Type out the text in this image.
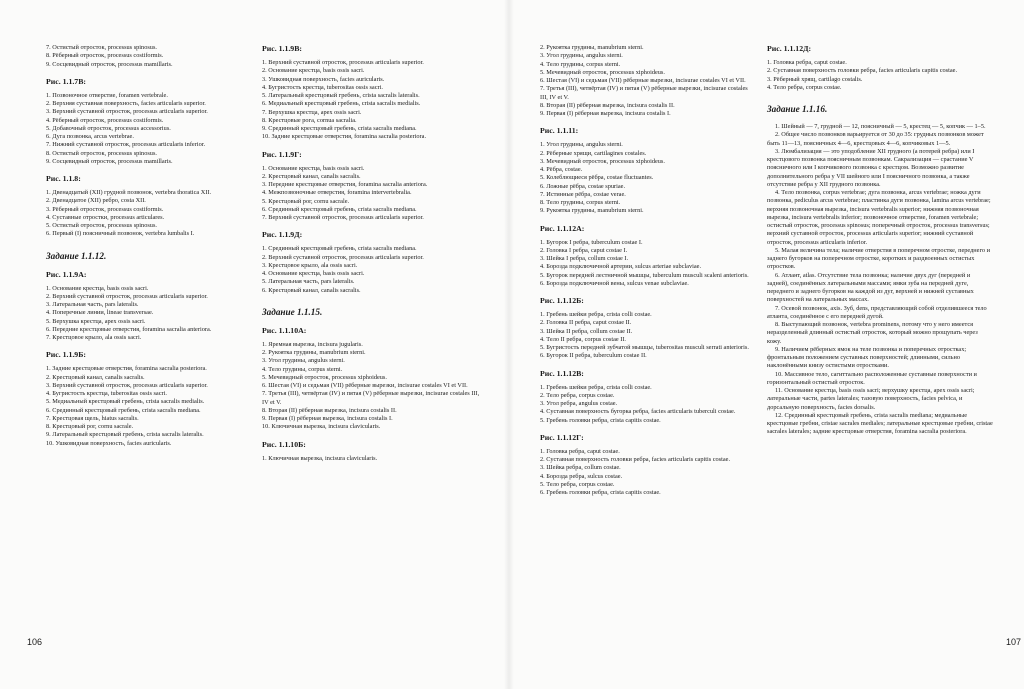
7. Остистый отросток, processus spinosus.

8. Рёберный отросток, processus costiformis.

9. Сосцевидный отросток, processus mamillaris.

Рис. 1.1.7В:

1. Позвоночное отверстие, foramen vertebrale.

2. Верхняя суставная поверхность, facies articularis superior.

3. Верхний суставной отросток, processus articularis superior.

4. Рёберный отросток, processus costiformis.

5. Добавочный отросток, processus accessorius.

6. Дуга позвонка, arcus vertebrae.

7. Нижний суставной отросток, processus articularis inferior.

8. Остистый отросток, processus spinosus.

9. Сосцевидный отросток, processus mamillaris.

Рис. 1.1.8:

1. Двенадцатый (XII) грудной позвонок, vertebra thoratica XII.

2. Двенадцатое (XII) ребро, costa XII.

3. Рёберный отросток, processus costiformis.

4. Суставные отростки, processus articulares.

5. Остистый отросток, processus spinosus.

6. Первый (I) поясничный позвонок, vertebra lumbalis I.

Задание 1.1.12.
Рис. 1.1.9А:

1. Основание крестца, basis ossis sacri.

2. Верхний суставной отросток, processus articularis superior.

3. Латеральная часть, pars lateralis.

4. Поперечные линии, lineae transversae.

5. Верхушка крестца, apex ossis sacri.

6. Передние крестцовые отверстия, foramina sacralia anteriora.

7. Крестцовое крыло, ala ossis sacri.

Рис. 1.1.9Б:

1. Задние крестцовые отверстия, foramina sacralia posteriora.

2. Крестцовый канал, canalis sacralis.

3. Верхний суставной отросток, processus articularis superior.

4. Бугристость крестца, tuberositas ossis sacri.

5. Медиальный крестцовый гребень, crista sacralis medialis.

6. Срединный крестцовый гребень, crista sacralis mediana.

7. Крестцовая щель, hiatus sacralis.

8. Крестцовый рог, cornu sacrale.

9. Латеральный крестцовый гребень, crista sacralis lateralis.

10. Ушковидная поверхность, facies auricularis.

Рис. 1.1.9В:

1. Верхний суставной отросток, processus articularis superior.

2. Основание крестца, basis ossis sacri.

3. Ушковидная поверхность, facies auricularis.

4. Бугристость крестца, tuberositas ossis sacri.

5. Латеральный крестцовый гребень, crista sacralis lateralis.

6. Медиальный крестцовый гребень, crista sacralis medialis.

7. Верхушка крестца, apex ossis sacri.

8. Крестцовые рога, cornua sacralia.

9. Срединный крестцовый гребень, crista sacralis mediana.

10. Задние крестцовые отверстия, foramina sacralia posteriora.

Рис. 1.1.9Г:

1. Основание крестца, basis ossis sacri.

2. Крестцовый канал, canalis sacralis.

3. Передние крестцовые отверстия, foramina sacralia anteriora.

4. Межпозвоночные отверстия, foramina intervertebralia.

5. Крестцовый рог, cornu sacrale.

6. Срединный крестцовый гребень, crista sacralis mediana.

7. Верхний суставной отросток, processus articularis superior.

Рис. 1.1.9Д:

1. Срединный крестцовый гребень, crista sacralis mediana.

2. Верхний суставной отросток, processus articularis superior.

3. Крестцовое крыло, ala ossis sacri.

4. Основание крестца, basis ossis sacri.

5. Латеральная часть, pars lateralis.

6. Крестцовый канал, canalis sacralis.

Задание 1.1.15.
Рис. 1.1.10А:

1. Яремная вырезка, incisura jugularis.

2. Рукоятка грудины, manubrium sterni.

3. Угол грудины, angulus sterni.

4. Тело грудины, corpus sterni.

5. Мечевидный отросток, processus xiphoideus.

6. Шестая (VI) и седьмая (VII) рёберные вырезки, incisurae costales VI et VII.

7. Третья (III), четвёртая (IV) и пятая (V) рёберные вырезки, incisurae costales III, IV et V.

8. Вторая (II) рёберная вырезка, incisura costalis II.

9. Первая (I) рёберная вырезка, incisura costalis I.

10. Ключичная вырезка, incisura clavicularis.

Рис. 1.1.10Б:

1. Ключичная вырезка, incisura clavicularis.

106

2. Рукоятка грудины, manubrium sterni.

3. Угол грудины, angulus sterni.

4. Тело грудины, corpus sterni.

5. Мечевидный отросток, processus xiphoideus.

6. Шестая (VI) и седьмая (VII) рёберные вырезки, incisurae costales VI et VII.

7. Третья (III), четвёртая (IV) и пятая (V) рёберные вырезки, incisurae costales III, IV et V.

8. Вторая (II) рёберная вырезка, incisura costalis II.

9. Первая (I) рёберная вырезка, incisura costalis I.

Рис. 1.1.11:

1. Угол грудины, angulus sterni.

2. Рёберные хрящи, cartilagines costales.

3. Мечевидный отросток, processus xiphoideus.

4. Рёбра, costae.

5. Колеблющиеся рёбра, costae fluctuantes.

6. Ложные рёбра, costae spuriae.

7. Истинные рёбра, costae verae.

8. Тело грудины, corpus sterni.

9. Рукоятка грудины, manubrium sterni.

Рис. 1.1.12А:

1. Бугорок I ребра, tuberculum costae I.

2. Головка I ребра, caput costae I.

3. Шейка I ребра, collum costae I.

4. Борозда подключичной артерии, sulcus arteriae subclaviae.

5. Бугорок передней лестничной мышцы, tuberculum musculi scaleni anterioris.

6. Борозда подключичной вены, sulcus venae subclaviae.

Рис. 1.1.12Б:

1. Гребень шейки ребра, crista colli costae.

2. Головка II ребра, caput costae II.

3. Шейка II ребра, collum costae II.

4. Тело II ребра, corpus costae II.

5. Бугристость передней зубчатой мышцы, tuberositas musculi serrati anterioris.

6. Бугорок II ребра, tuberculum costae II.

Рис. 1.1.12В:

1. Гребень шейки ребра, crista colli costae.

2. Тело ребра, corpus costae.

3. Угол ребра, angulus costae.

4. Суставная поверхность бугорка ребра, facies articularis tuberculi costae.

5. Гребень головки ребра, crista capitis costae.

Рис. 1.1.12Г:

1. Головка ребра, caput costae.

2. Суставная поверхность головки ребра, facies articularis capitis costae.

3. Шейка ребра, collum costae.

4. Борозда ребра, sulcus costae.

5. Тело ребра, corpus costae.

6. Гребень головки ребра, crista capitis costae.

Рис. 1.1.12Д:

1. Головка ребра, caput costae.

2. Суставная поверхность головки ребра, facies articularis capitis costae.

3. Рёберный хрящ, cartilago costalis.

4. Тело ребра, corpus costae.

Задание 1.1.16.

1. Шейный — 7, грудной — 12, поясничный — 5, крестец — 5, копчик — 1–5.

2. Общее число позвонков варьируется от 30 до 35: грудных позвонков может быть 11—13, поясничных 4—6, крестцовых 4—6, копчиковых 1—5.

3. Люмбализация — это уподобление XII грудного (а потерей ребра) или I крестцового позвонка поясничным позвонкам. Сакрализация — срастание V поясничного или I копчикового позвонка с крестцом. Возможно развитие дополнительного ребра у VII шейного или I поясничного позвонка, а также отсутствие ребра у XII грудного позвонка.

4. Тело позвонка, corpus vertebrae; дуга позвонка, arcus vertebrae; ножка дуги позвонка, pediculus arcus vertebrae; пластинка дуги позвонка, lamina arcus vertebrae; верхняя позвоночная вырезка, incisura vertebralis superior; нижняя позвоночная вырезка, incisura vertebralis inferior; позвоночное отверстие, foramen vertebrale; остистый отросток, processus spinosus; поперечный отросток, processus transversus; верхний суставной отросток, processus articularis superior; нижний суставной отросток, processus articularis inferior.

5. Малая величина тела; наличие отверстия в поперечном отростке, переднего и заднего бугорков на поперечном отростке, коротких и раздвоенных остистых отростков.

6. Атлант, atlas. Отсутствие тела позвонка; наличие двух дуг (передней и задней), соединённых латеральными массами; ямки зуба на передней дуге, переднего и заднего бугорков на каждой из дуг, верхней и нижней суставных поверхностей на латеральных массах.

7. Осевой позвонок, axis. Зуб, dens, представляющий собой отделившееся тело атланта, соединённое с его передней дугой.

8. Выступающий позвонок, vertebra prominens, потому что у него имеется неразделенный длинный остистый отросток, который можно прощупать через кожу.

9. Наличием рёберных ямок на теле позвонка и поперечных отростках; фронтальным положением суставных поверхностей; длинными, сильно наклонёнными книзу остистыми отростками.

10. Массивное тело, сагиттально расположенные суставные поверхности и горизонтальный остистый отросток.

11. Основание крестца, basis ossis sacri; верхушку крестца, apex ossis sacri; латеральные части, partes laterales; тазовую поверхность, facies pelvica, и дорсальную поверхность, facies dorsalis.

12. Срединный крестцовый гребень, crista sacralis mediana; медиальные крестцовые гребни, cristae sacrales mediales; латеральные крестцовые гребни, cristae sacrales laterales; задние крестцовые отверстия, foramina sacralia posteriora.

107
